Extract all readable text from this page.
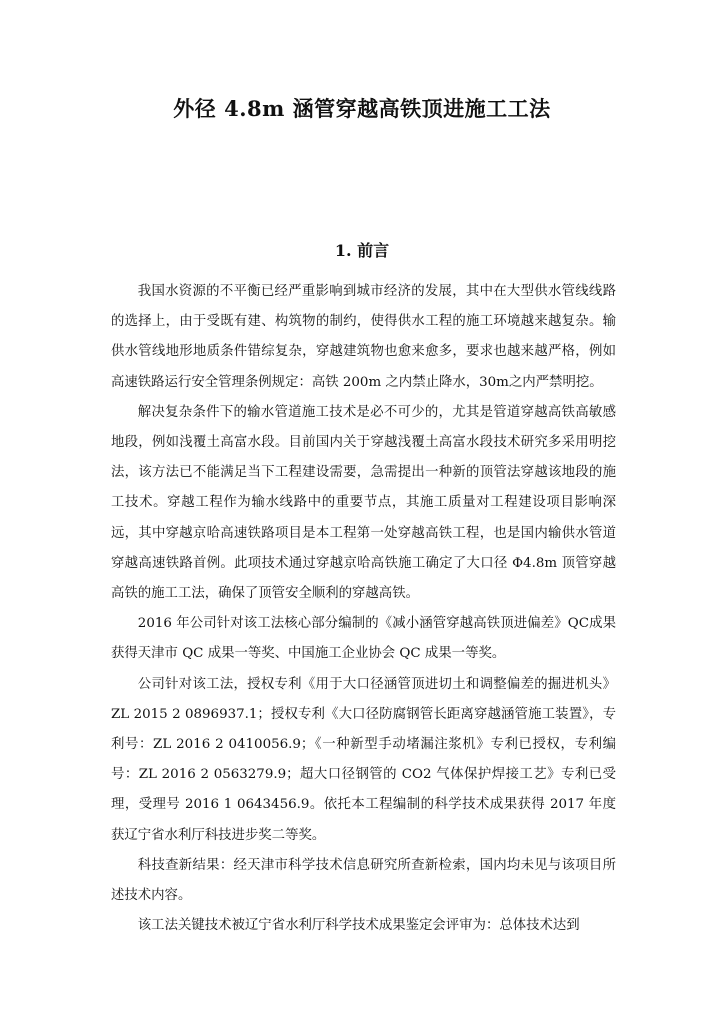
外径 4.8m 涵管穿越高铁顶进施工工法
1. 前言

我国水资源的不平衡已经严重影响到城市经济的发展，其中在大型供水管线线路的选择上，由于受既有建、构筑物的制约，使得供水工程的施工环境越来越复杂。输供水管线地形地质条件错综复杂，穿越建筑物也愈来愈多，要求也越来越严格，例如高速铁路运行安全管理条例规定：高铁 200m 之内禁止降水，30m之内严禁明挖。

解决复杂条件下的输水管道施工技术是必不可少的，尤其是管道穿越高铁高敏感地段，例如浅覆土高富水段。目前国内关于穿越浅覆土高富水段技术研究多采用明挖法，该方法已不能满足当下工程建设需要，急需提出一种新的顶管法穿越该地段的施工技术。穿越工程作为输水线路中的重要节点，其施工质量对工程建设项目影响深远，其中穿越京哈高速铁路项目是本工程第一处穿越高铁工程，也是国内输供水管道穿越高速铁路首例。此项技术通过穿越京哈高铁施工确定了大口径 Φ4.8m 顶管穿越高铁的施工工法，确保了顶管安全顺利的穿越高铁。

2016 年公司针对该工法核心部分编制的《减小涵管穿越高铁顶进偏差》QC成果获得天津市 QC 成果一等奖、中国施工企业协会 QC 成果一等奖。

公司针对该工法，授权专利《用于大口径涵管顶进切土和调整偏差的掘进机头》ZL 2015 2 0896937.1；授权专利《大口径防腐钢管长距离穿越涵管施工装置》，专利号：ZL 2016 2 0410056.9；《一种新型手动堵漏注浆机》专利已授权，专利编号：ZL 2016 2 0563279.9；超大口径钢管的 CO2 气体保护焊接工艺》专利已受理，受理号 2016 1 0643456.9。依托本工程编制的科学技术成果获得 2017 年度获辽宁省水利厅科技进步奖二等奖。

科技查新结果：经天津市科学技术信息研究所查新检索，国内均未见与该项目所述技术内容。

该工法关键技术被辽宁省水利厅科学技术成果鉴定会评审为：总体技术达到
